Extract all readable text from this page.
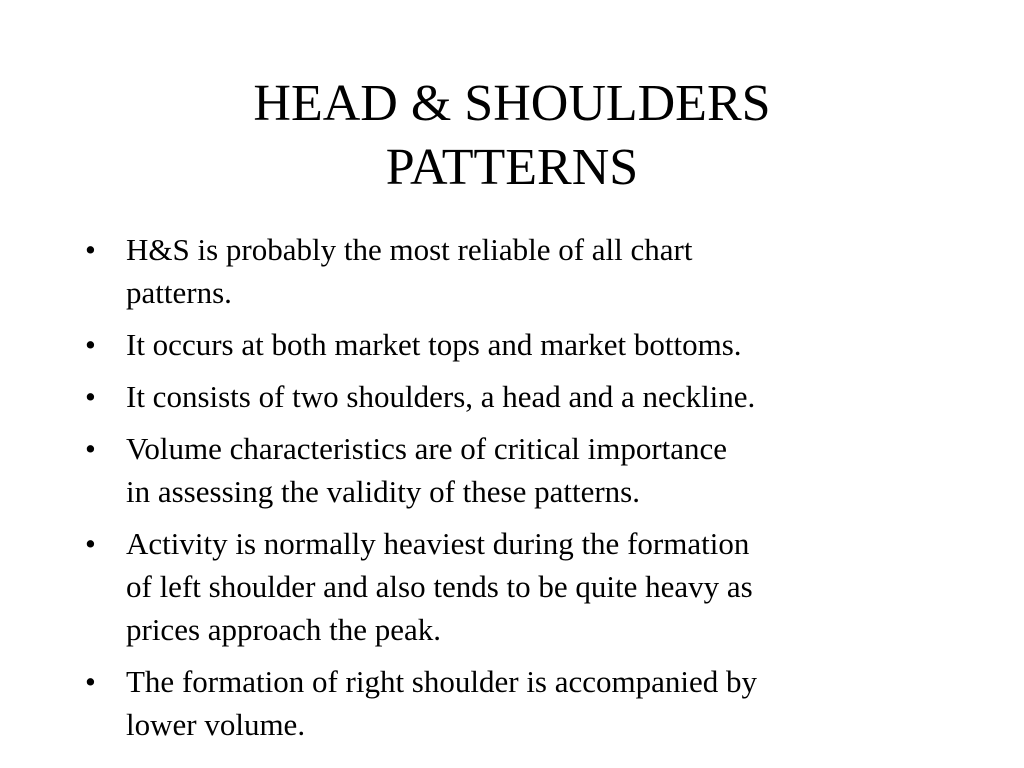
HEAD & SHOULDERS
PATTERNS
• H&S is probably the most reliable of all chart
patterns.
• It occurs at both market tops and market bottoms.
• It consists of two shoulders, a head and a neckline.
• Volume characteristics are of critical importance
in assessing the validity of these patterns.
• Activity is normally heaviest during the formation
of left shoulder and also tends to be quite heavy as
prices approach the peak.
• The formation of right shoulder is accompanied by
lower volume.
